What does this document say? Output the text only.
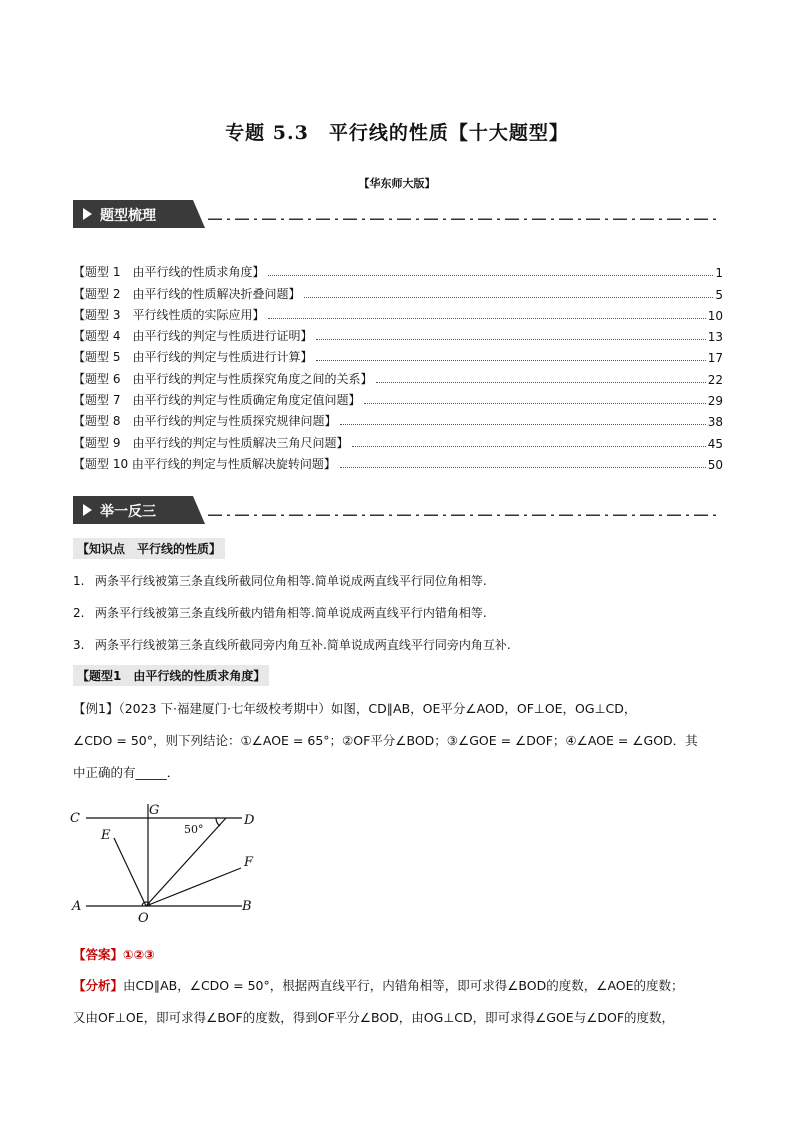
专题 5.3　平行线的性质【十大题型】
【华东师大版】
题型梳理
【题型 1　由平行线的性质求角度】	1
【题型 2　由平行线的性质解决折叠问题】	5
【题型 3　平行线性质的实际应用】	10
【题型 4　由平行线的判定与性质进行证明】	13
【题型 5　由平行线的判定与性质进行计算】	17
【题型 6　由平行线的判定与性质探究角度之间的关系】	22
【题型 7　由平行线的判定与性质确定角度定值问题】	29
【题型 8　由平行线的判定与性质探究规律问题】	38
【题型 9　由平行线的判定与性质解决三角尺问题】	45
【题型 10 由平行线的判定与性质解决旋转问题】	50
举一反三
【知识点　平行线的性质】
1. 两条平行线被第三条直线所截同位角相等.简单说成两直线平行同位角相等.
2. 两条平行线被第三条直线所截内错角相等.简单说成两直线平行内错角相等.
3. 两条平行线被第三条直线所截同旁内角互补.简单说成两直线平行同旁内角互补.
【题型1　由平行线的性质求角度】
【例1】（2023 下·福建厦门·七年级校考期中）如图，CD∥AB，OE平分∠AOD，OF⊥OE，OG⊥CD，
∠CDO = 50°，则下列结论：①∠AOE = 65°；②OF平分∠BOD；③∠GOE = ∠DOF；④∠AOE = ∠GOD．其
中正确的有_____．
C
G
D
E
F
A
O
B
50°
【答案】①②③
【分析】由CD∥AB，∠CDO = 50°，根据两直线平行，内错角相等，即可求得∠BOD的度数，∠AOE的度数；
又由OF⊥OE，即可求得∠BOF的度数，得到OF平分∠BOD，由OG⊥CD，即可求得∠GOE与∠DOF的度数，
